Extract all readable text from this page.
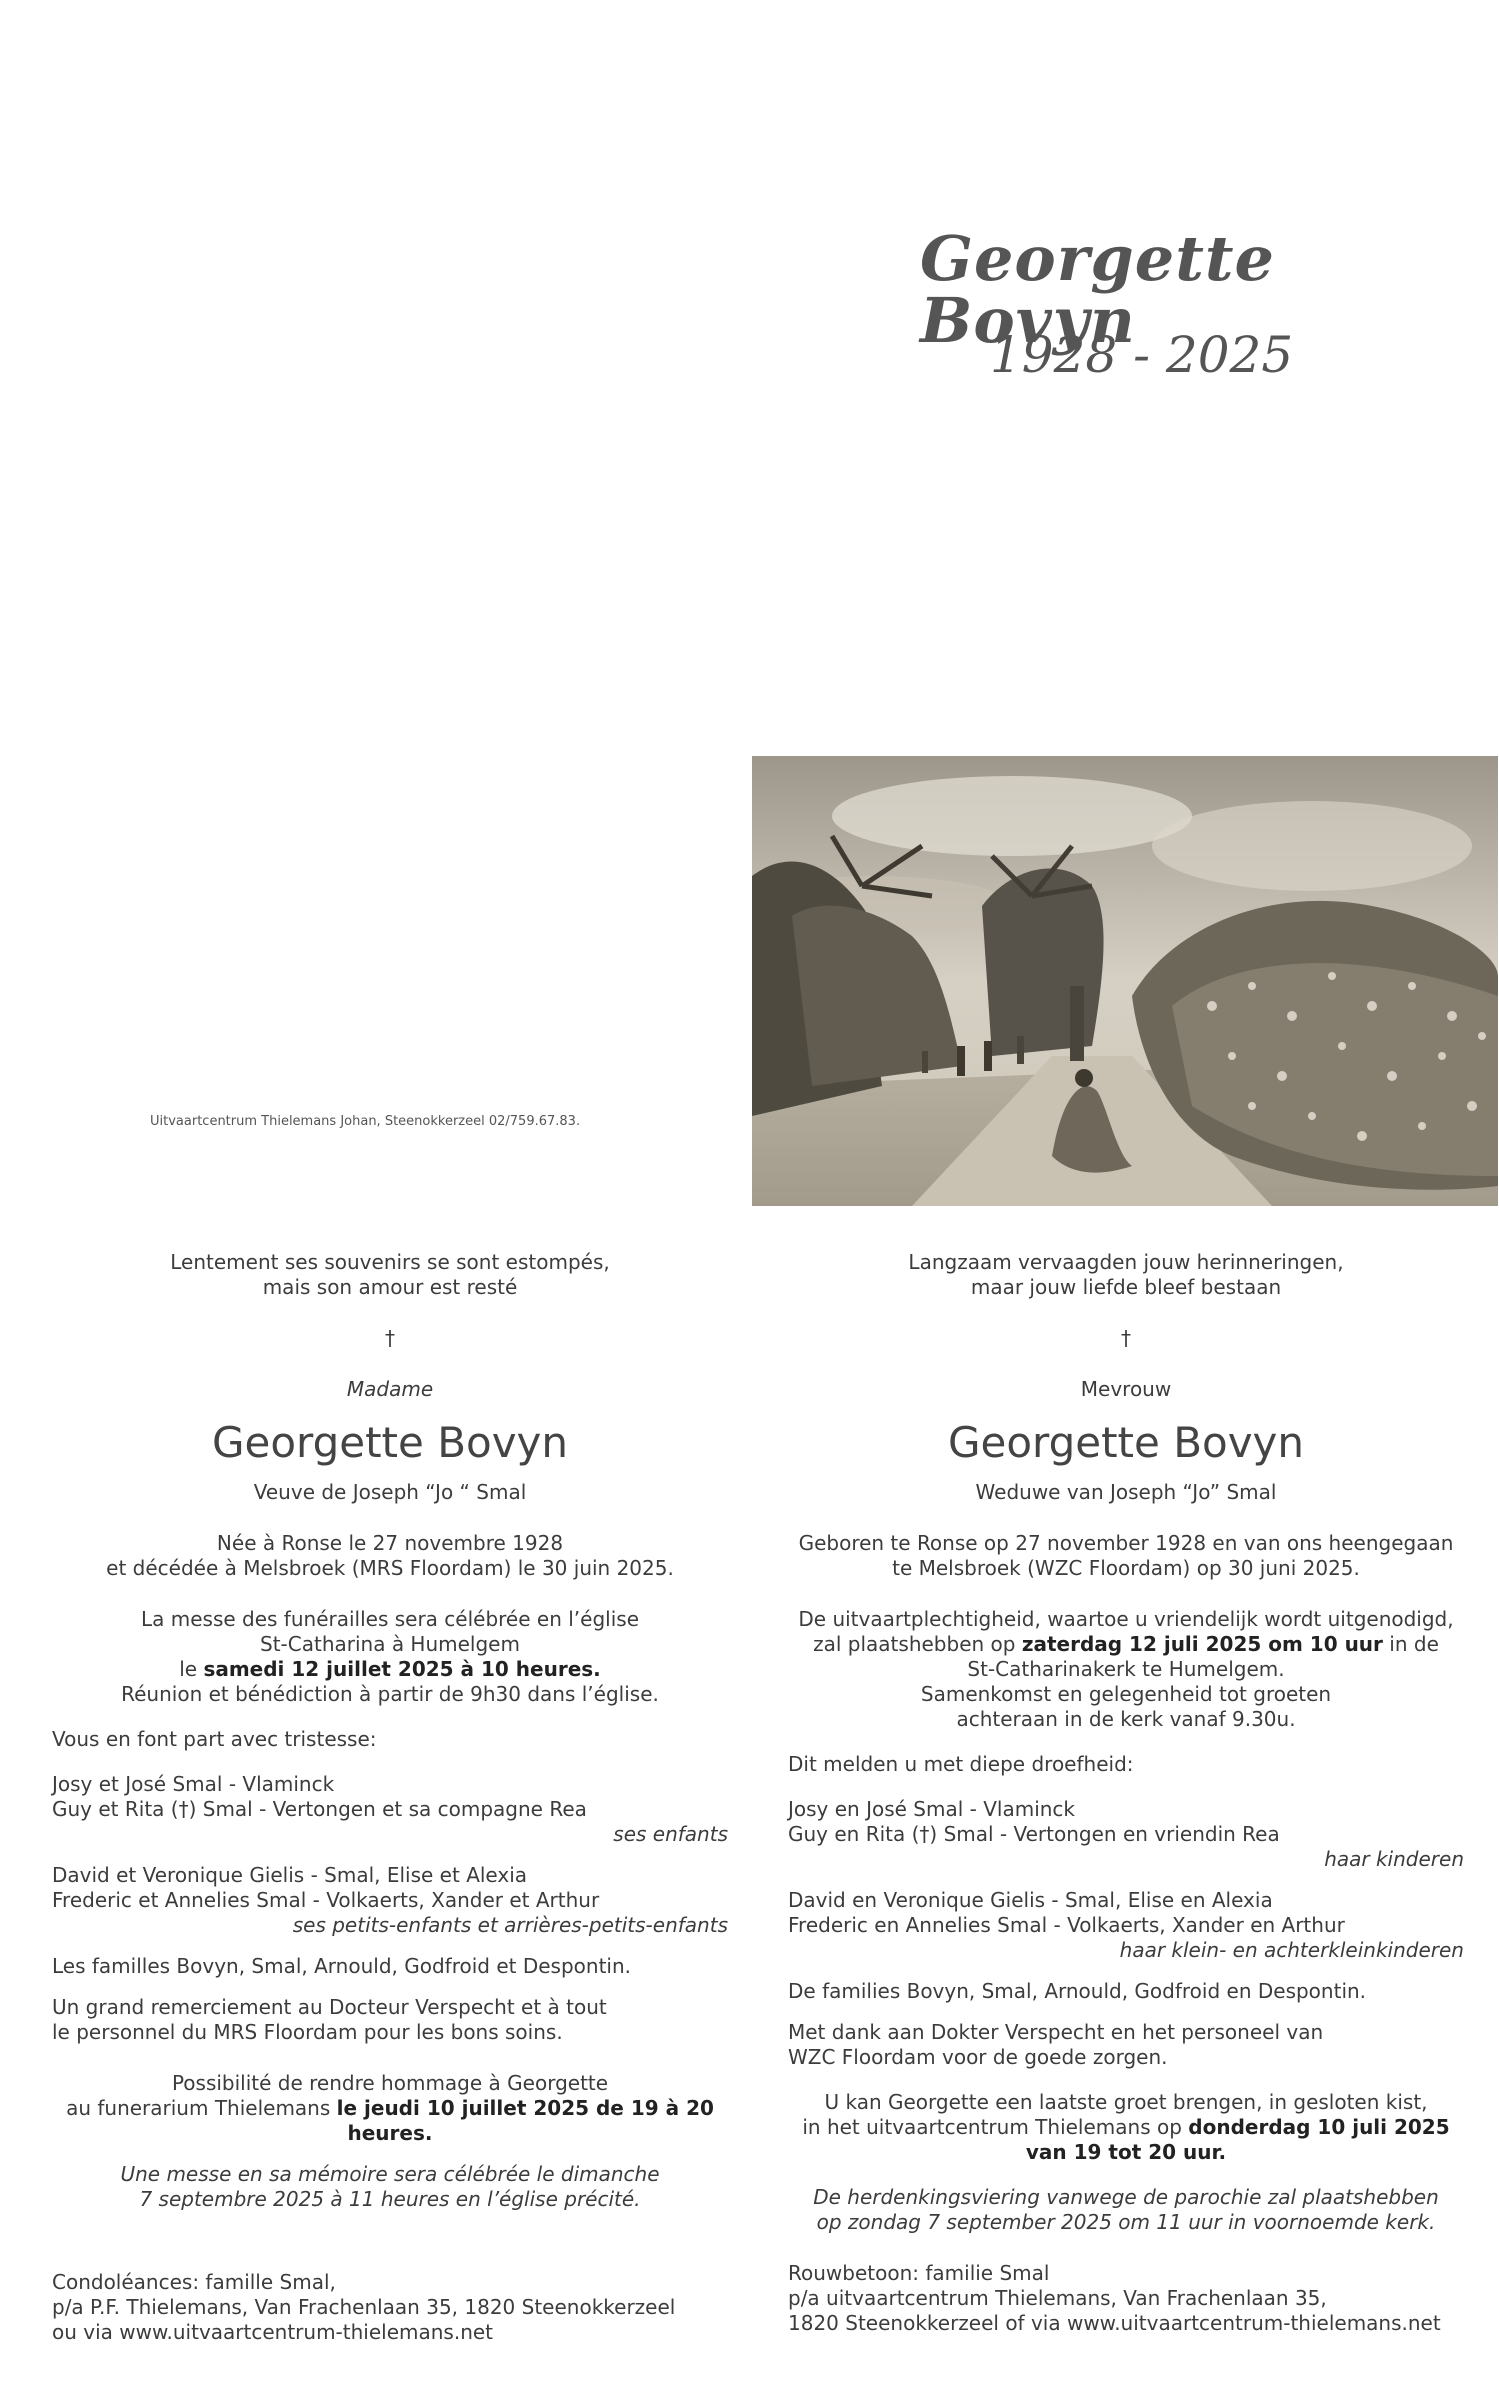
Georgette Bovyn

1928 - 2025

Uitvaartcentrum Thielemans Johan, Steenokkerzeel 02/759.67.83.

Lentement ses souvenirs se sont estompés,

mais son amour est resté

†

Madame

Georgette Bovyn

Veuve de Joseph “Jo “ Smal

Née à Ronse le 27 novembre 1928

et décédée à Melsbroek (MRS Floordam) le 30 juin 2025.

La messe des funérailles sera célébrée en l’église

St-Catharina à Humelgem

le samedi 12 juillet 2025 à 10 heures.

Réunion et bénédiction à partir de 9h30 dans l’église.

Vous en font part avec tristesse:

Josy et José Smal - Vlaminck

Guy et Rita (†) Smal - Vertongen et sa compagne Rea

ses enfants

David et Veronique Gielis - Smal, Elise et Alexia

Frederic et Annelies Smal - Volkaerts, Xander et Arthur

ses petits-enfants et arrières-petits-enfants

Les familles Bovyn, Smal, Arnould, Godfroid et Despontin.

Un grand remerciement au Docteur Verspecht et à tout

le personnel du MRS Floordam pour les bons soins.

Possibilité de rendre hommage à Georgette

au funerarium Thielemans le jeudi 10 juillet 2025 de 19 à 20 heures.

Une messe en sa mémoire sera célébrée le dimanche

7 septembre 2025 à 11 heures en l’église précité.

Condoléances: famille Smal,

p/a P.F. Thielemans, Van Frachenlaan 35, 1820 Steenokkerzeel

ou via www.uitvaartcentrum-thielemans.net

Langzaam vervaagden jouw herinneringen,

maar jouw liefde bleef bestaan

†

Mevrouw

Georgette Bovyn

Weduwe van Joseph “Jo” Smal

Geboren te Ronse op 27 november 1928 en van ons heengegaan

te Melsbroek (WZC Floordam) op 30 juni 2025.

De uitvaartplechtigheid, waartoe u vriendelijk wordt uitgenodigd,

zal plaatshebben op zaterdag 12 juli 2025 om 10 uur in de

St-Catharinakerk te Humelgem.

Samenkomst en gelegenheid tot groeten

achteraan in de kerk vanaf 9.30u.

Dit melden u met diepe droefheid:

Josy en José Smal - Vlaminck

Guy en Rita (†) Smal - Vertongen en vriendin Rea

haar kinderen

David en Veronique Gielis - Smal, Elise en Alexia

Frederic en Annelies Smal - Volkaerts, Xander en Arthur

haar klein- en achterkleinkinderen

De families Bovyn, Smal, Arnould, Godfroid en Despontin.

Met dank aan Dokter Verspecht en het personeel van

WZC Floordam voor de goede zorgen.

U kan Georgette een laatste groet brengen, in gesloten kist,

in het uitvaartcentrum Thielemans op donderdag 10 juli 2025

van 19 tot 20 uur.

De herdenkingsviering vanwege de parochie zal plaatshebben

op zondag 7 september 2025 om 11 uur in voornoemde kerk.

Rouwbetoon: familie Smal

p/a uitvaartcentrum Thielemans, Van Frachenlaan 35,

1820 Steenokkerzeel of via www.uitvaartcentrum-thielemans.net
